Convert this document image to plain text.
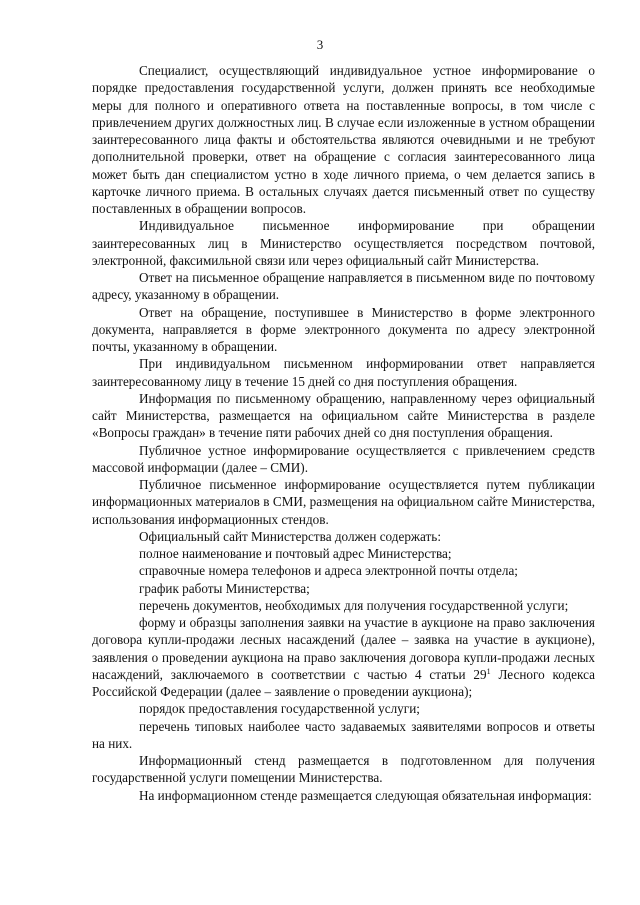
3

Специалист, осуществляющий индивидуальное устное информирование о порядке предоставления государственной услуги, должен принять все необходимые меры для полного и оперативного ответа на поставленные вопросы, в том числе с привлечением других должностных лиц. В случае если изложенные в устном обращении заинтересованного лица факты и обстоятельства являются очевидными и не требуют дополнительной проверки, ответ на обращение с согласия заинтересованного лица может быть дан специалистом устно в ходе личного приема, о чем делается запись в карточке личного приема. В остальных случаях дается письменный ответ по существу поставленных в обращении вопросов.

Индивидуальное письменное информирование при обращении заинтересованных лиц в Министерство осуществляется посредством почтовой, электронной, факсимильной связи или через официальный сайт Министерства.

Ответ на письменное обращение направляется в письменном виде по почтовому адресу, указанному в обращении.

Ответ на обращение, поступившее в Министерство в форме электронного документа, направляется в форме электронного документа по адресу электронной почты, указанному в обращении.

При индивидуальном письменном информировании ответ направляется заинтересованному лицу в течение 15 дней со дня поступления обращения.

Информация по письменному обращению, направленному через официальный сайт Министерства, размещается на официальном сайте Министерства в разделе «Вопросы граждан» в течение пяти рабочих дней со дня поступления обращения.

Публичное устное информирование осуществляется с привлечением средств массовой информации (далее – СМИ).

Публичное письменное информирование осуществляется путем публикации информационных материалов в СМИ, размещения на официальном сайте Министерства, использования информационных стендов.

Официальный сайт Министерства должен содержать:

полное наименование и почтовый адрес Министерства;

справочные номера телефонов и адреса электронной почты отдела;

график работы Министерства;

перечень документов, необходимых для получения государственной услуги;

форму и образцы заполнения заявки на участие в аукционе на право заключения договора купли-продажи лесных насаждений (далее – заявка на участие в аукционе), заявления о проведении аукциона на право заключения договора купли-продажи лесных насаждений, заключаемого в соответствии с частью 4 статьи $29^1$ Лесного кодекса Российской Федерации (далее – заявление о проведении аукциона);

порядок предоставления государственной услуги;

перечень типовых наиболее часто задаваемых заявителями вопросов и ответы на них.

Информационный стенд размещается в подготовленном для получения государственной услуги помещении Министерства.

На информационном стенде размещается следующая обязательная информация:
